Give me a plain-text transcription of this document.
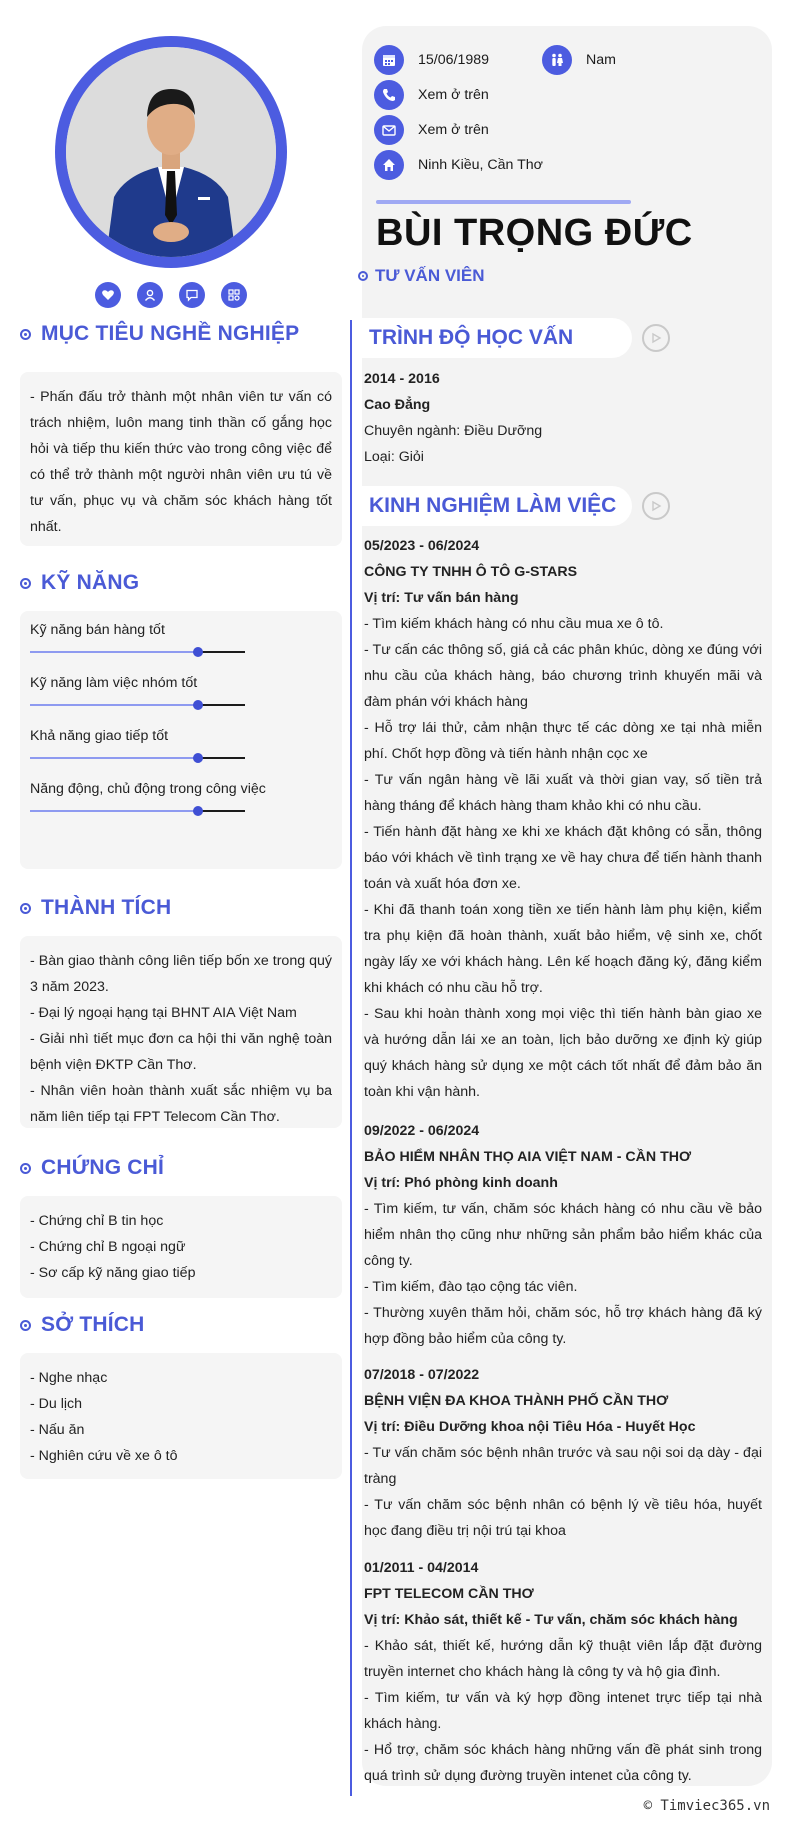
MỤC TIÊU NGHỀ NGHIỆP

- Phấn đấu trở thành một nhân viên tư vấn có trách nhiệm, luôn mang tinh thần cố gắng học hỏi và tiếp thu kiến thức vào trong công việc để có thể trở thành một người nhân viên ưu tú về tư vấn, phục vụ và chăm sóc khách hàng tốt nhất.

KỸ NĂNG
Kỹ năng bán hàng tốt
Kỹ năng làm việc nhóm tốt
Khả năng giao tiếp tốt
Năng động, chủ động trong công việc
THÀNH TÍCH

- Bàn giao thành công liên tiếp bốn xe trong quý 3 năm 2023.

- Đại lý ngoại hạng tại BHNT AIA Việt Nam

- Giải nhì tiết mục đơn ca hội thi văn nghệ toàn bệnh viện ĐKTP Cần Thơ.

- Nhân viên hoàn thành xuất sắc nhiệm vụ ba năm liên tiếp tại FPT Telecom Cần Thơ.

CHỨNG CHỈ

- Chứng chỉ B tin học

- Chứng chỉ B ngoại ngữ

- Sơ cấp kỹ năng giao tiếp

SỞ THÍCH

- Nghe nhạc

- Du lịch

- Nấu ăn

- Nghiên cứu về xe ô tô

15/06/1989	Nam
Xem ở trên
Xem ở trên
Ninh Kiều, Cần Thơ
BÙI TRỌNG ĐỨC
TƯ VẤN VIÊN
TRÌNH ĐỘ HỌC VẤN
2014 - 2016
Cao Đẳng
Chuyên ngành: Điều Dưỡng
Loại: Giỏi
KINH NGHIỆM LÀM VIỆC
05/2023 - 06/2024
CÔNG TY TNHH Ô TÔ G-STARS
Vị trí: Tư vấn bán hàng

- Tìm kiếm khách hàng có nhu cầu mua xe ô tô.

- Tư cấn các thông số, giá cả các phân khúc, dòng xe đúng với nhu cầu của khách hàng, báo chương trình khuyến mãi và đàm phán với khách hàng

- Hỗ trợ lái thử, cảm nhận thực tế các dòng xe tại nhà miễn phí. Chốt hợp đồng và tiến hành nhận cọc xe

- Tư vấn ngân hàng về lãi xuất và thời gian vay, số tiền trả hàng tháng để khách hàng tham khảo khi có nhu cầu.

- Tiến hành đặt hàng xe khi xe khách đặt không có sẵn, thông báo với khách về tình trạng xe về hay chưa để tiến hành thanh toán và xuất hóa đơn xe.

- Khi đã thanh toán xong tiền xe tiến hành làm phụ kiện, kiểm tra phụ kiện đã hoàn thành, xuất bảo hiểm, vệ sinh xe, chốt ngày lấy xe với khách hàng. Lên kế hoạch đăng ký, đăng kiểm khi khách có nhu cầu hỗ trợ.

- Sau khi hoàn thành xong mọi việc thì tiến hành bàn giao xe và hướng dẫn lái xe an toàn, lịch bảo dưỡng xe định kỳ giúp quý khách hàng sử dụng xe một cách tốt nhất để đảm bảo ăn toàn khi vận hành.

09/2022 - 06/2024
BẢO HIỂM NHÂN THỌ AIA VIỆT NAM - CẦN THƠ
Vị trí: Phó phòng kinh doanh

- Tìm kiếm, tư vấn, chăm sóc khách hàng có nhu cầu về bảo hiểm nhân thọ cũng như những sản phẩm bảo hiểm khác của công ty.

- Tìm kiếm, đào tạo cộng tác viên.

- Thường xuyên thăm hỏi, chăm sóc, hỗ trợ khách hàng đã ký hợp đồng bảo hiểm của công ty.

07/2018 - 07/2022
BỆNH VIỆN ĐA KHOA THÀNH PHỐ CẦN THƠ
Vị trí: Điều Dưỡng khoa nội Tiêu Hóa - Huyết Học

- Tư vấn chăm sóc bệnh nhân trước và sau nội soi dạ dày - đại tràng

- Tư vấn chăm sóc bệnh nhân có bệnh lý về tiêu hóa, huyết học đang điều trị nội trú tại khoa

01/2011 - 04/2014
FPT TELECOM CẦN THƠ
Vị trí: Khảo sát, thiết kế - Tư vấn, chăm sóc khách hàng

- Khảo sát, thiết kế, hướng dẫn kỹ thuật viên lắp đặt đường truyền internet cho khách hàng là công ty và hộ gia đình.

- Tìm kiếm, tư vấn và ký hợp đồng intenet trực tiếp tại nhà khách hàng.

- Hổ trợ, chăm sóc khách hàng những vấn đề phát sinh trong quá trình sử dụng đường truyền intenet của công ty.

© Timviec365.vn
